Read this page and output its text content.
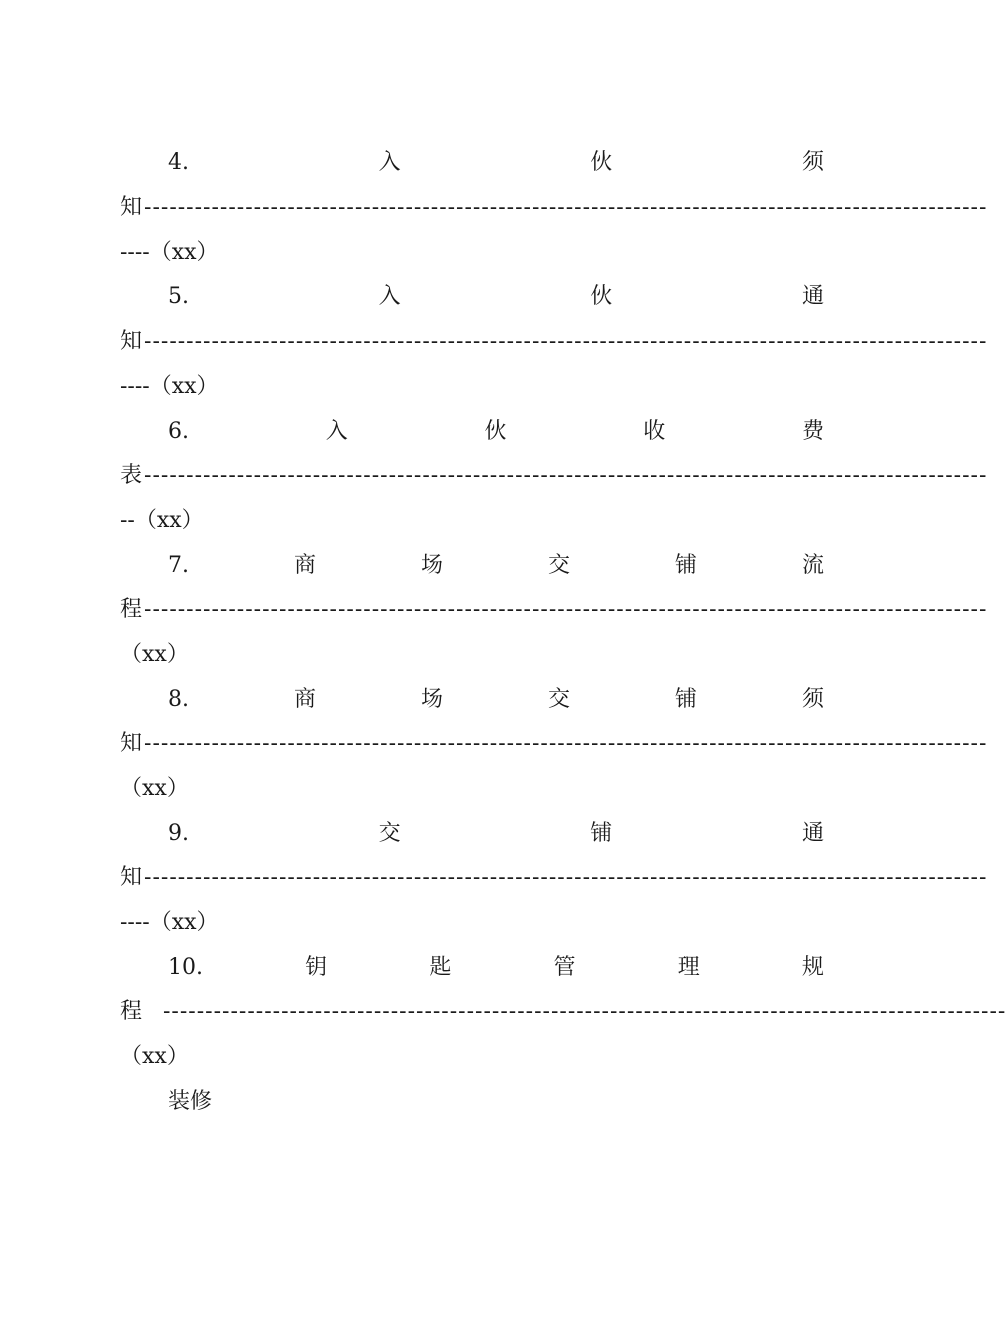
4.	入	伙	须
知 ----------------------------------------------------------------------------------------------------
----（xx）
5.	入	伙	通
知 ----------------------------------------------------------------------------------------------------
----（xx）
6.	入	伙	收	费
表 ----------------------------------------------------------------------------------------------------
--（xx）
7.	商	场	交	铺	流
程 ----------------------------------------------------------------------------------------------------
（xx）
8.	商	场	交	铺	须
知 ----------------------------------------------------------------------------------------------------
（xx）
9.	交	铺	通
知 ----------------------------------------------------------------------------------------------------
----（xx）
10.	钥	匙	管	理	规
程 ----------------------------------------------------------------------------------------------------
（xx）
装修
